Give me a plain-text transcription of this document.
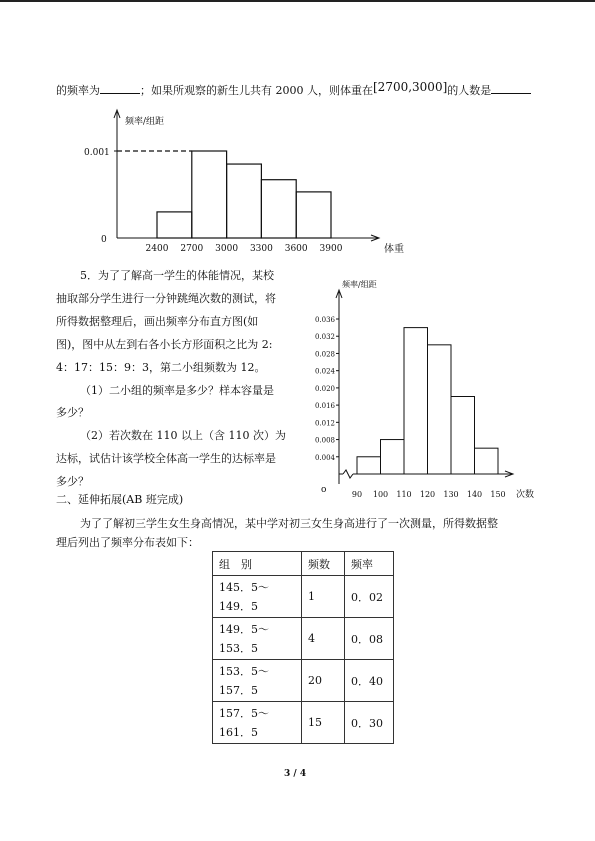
的频率为	；如果所观察的新生儿共有 2000 人，则体重在[2700,3000]的人数是
频率/组距
体重
0
0.001
2400 2700 3000 3300 3600 3900
频率/组距
次数
o
0.004
0.008
0.012
0.016
0.020
0.024
0.028
0.032
0.036
90 100 110 120 130 140 150
5．为了了解高一学生的体能情况，某校
抽取部分学生进行一分钟跳绳次数的测试，将
所得数据整理后，画出频率分布直方图(如
图)，图中从左到右各小长方形面积之比为 2:
4：17：15：9：3，第二小组频数为 12。
（1）二小组的频率是多少？样本容量是
多少？
（2）若次数在 110 以上（含 110 次）为
达标，试估计该学校全体高一学生的达标率是
多少？
二、延伸拓展(AB 班完成)
为了了解初三学生女生身高情况，某中学对初三女生身高进行了一次测量，所得数据整
理后列出了频率分布表如下：
组　别	频数	频率
145．5～
149．5	1	0．02
149．5～
153．5	4	0．08
153．5～
157．5	20	0．40
157．5～
161．5	15	0．30
3 / 4
